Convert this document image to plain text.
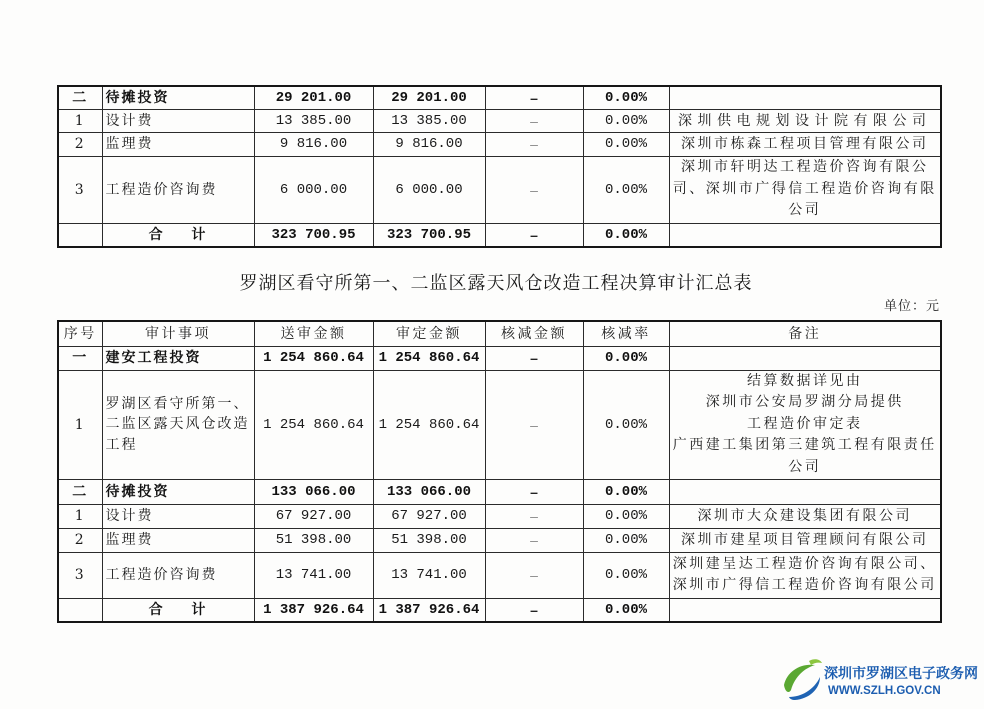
二	待摊投资	29 201.00	29 201.00	–	0.00%	
1	设计费	13 385.00	13 385.00	–	0.00%	深圳供电规划设计院有限公司
2	监理费	9 816.00	9 816.00	–	0.00%	深圳市栋森工程项目管理有限公司
3	工程造价咨询费	6 000.00	6 000.00	–	0.00%	深圳市轩明达工程造价咨询有限公
司、深圳市广得信工程造价咨询有限
公司

	合 计	323 700.95	323 700.95	–	0.00%	
罗湖区看守所第一、二监区露天风仓改造工程决算审计汇总表
单位：元
序号	审计事项	送审金额	审定金额	核减金额	核减率	备注
一	建安工程投资	1 254 860.64	1 254 860.64	–	0.00%	
1	罗湖区看守所第一、
二监区露天风仓改造
工程	1 254 860.64	1 254 860.64	–	0.00%	结算数据详见由
深圳市公安局罗湖分局提供
工程造价审定表
广西建工集团第三建筑工程有限责任
公司

二	待摊投资	133 066.00	133 066.00	–	0.00%	
1	设计费	67 927.00	67 927.00	–	0.00%	深圳市大众建设集团有限公司
2	监理费	51 398.00	51 398.00	–	0.00%	深圳市建星项目管理顾问有限公司
3	工程造价咨询费	13 741.00	13 741.00	–	0.00%	深圳建呈达工程造价咨询有限公司、
深圳市广得信工程造价咨询有限公司

	合 计	1 387 926.64	1 387 926.64	–	0.00%	
深圳市罗湖区电子政务网
WWW.SZLH.GOV.CN
